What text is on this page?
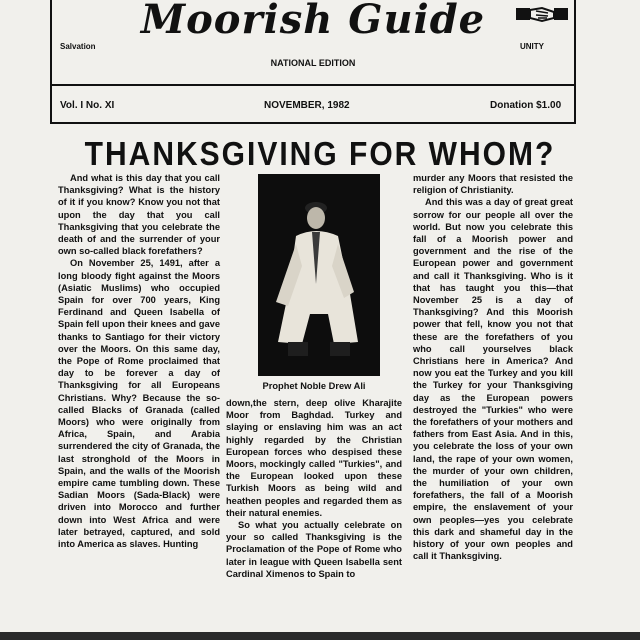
Moorish Guide
Salvation	UNITY
NATIONAL EDITION
Vol. I No. XI	NOVEMBER, 1982	Donation $1.00
THANKSGIVING FOR WHOM?

And what is this day that you call Thanksgiving? What is the history of it if you know? Know you not that upon the day that you call Thanksgiving that you celebrate the death of and the surrender of your own so-called black forefathers?

On November 25, 1491, after a long bloody fight against the Moors (Asiatic Muslims) who occupied Spain for over 700 years, King Ferdinand and Queen Isabella of Spain fell upon their knees and gave thanks to Santiago for their victory over the Moors. On this same day, the Pope of Rome proclaimed that day to be forever a day of Thanksgiving for all Europeans Christians. Why? Because the so-called Blacks of Granada (called Moors) who were originally from Africa, Spain, and Arabia surrendered the city of Granada, the last stronghold of the Moors in Spain, and the walls of the Moorish empire came tumbling down. These Sadian Moors (Sada-Black) were driven into Morocco and further down into West Africa and were later betrayed, captured, and sold into America as slaves. Hunting

Prophet Noble Drew Ali

down,the stern, deep olive Kharajite Moor from Baghdad. Turkey and slaying or enslaving him was an act highly regarded by the Christian European forces who despised these Moors, mockingly called "Turkies", and the European looked upon these Turkish Moors as being wild and heathen peoples and regarded them as their natural enemies.

So what you actually celebrate on your so called Thanksgiving is the Proclamation of the Pope of Rome who later in league with Queen Isabella sent Cardinal Ximenos to Spain to

murder any Moors that resisted the religion of Christianity.

And this was a day of great great sorrow for our people all over the world. But now you celebrate this fall of a Moorish power and government and the rise of the European power and government and call it Thanksgiving. Who is it that has taught you this—that November 25 is a day of Thanksgiving? And this Moorish power that fell, know you not that these are the forefathers of you who call yourselves black Christians here in America? And now you eat the Turkey and you kill the Turkey for your Thanksgiving day as the European powers destroyed the "Turkies" who were the forefathers of your mothers and fathers from East Asia. And in this, you celebrate the loss of your own land, the rape of your own women, the murder of your own children, the humiliation of your own forefathers, the fall of a Moorish empire, the enslavement of your own peoples—yes you celebrate this dark and shameful day in the history of your own peoples and call it Thanksgiving.
